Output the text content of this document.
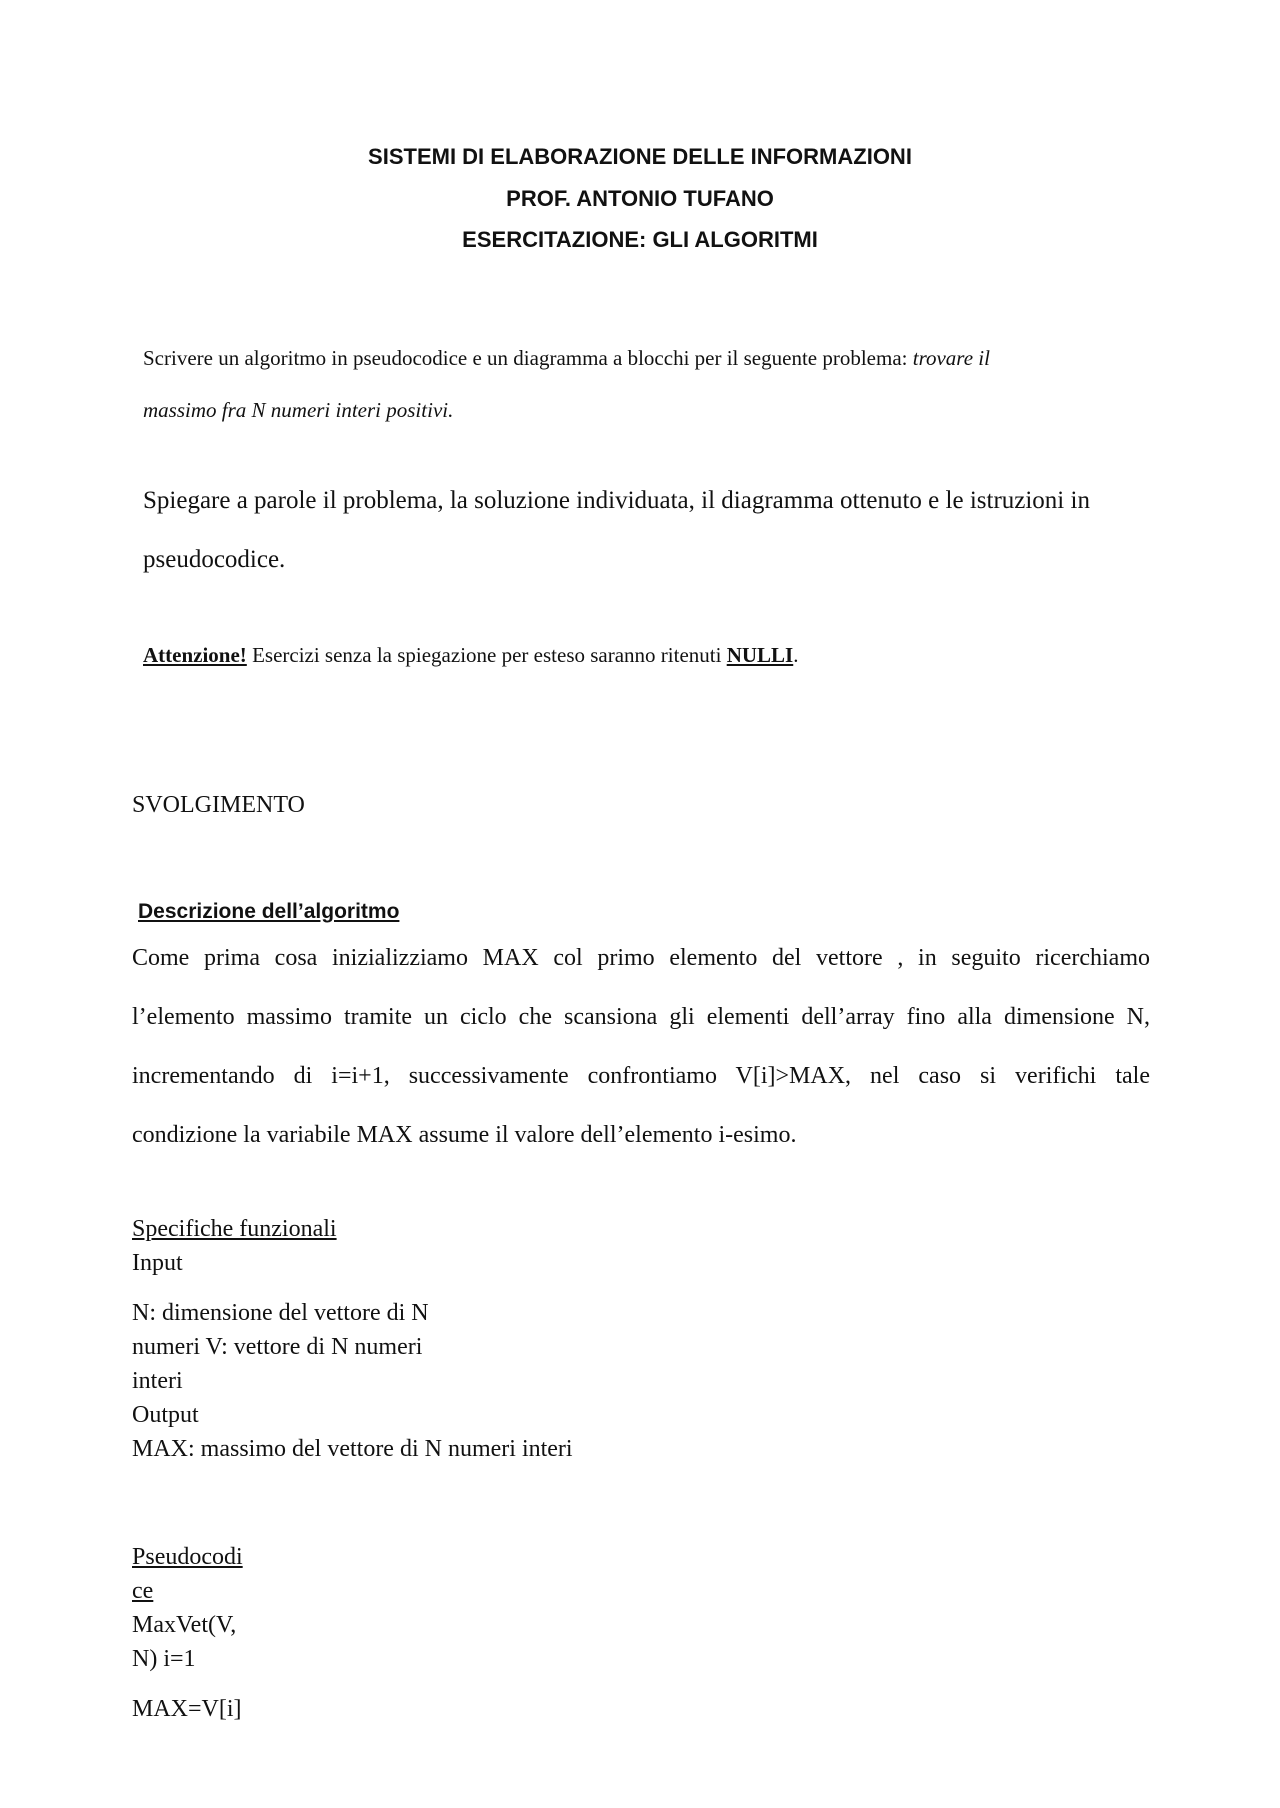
SISTEMI DI ELABORAZIONE DELLE INFORMAZIONI
PROF. ANTONIO TUFANO
ESERCITAZIONE: GLI ALGORITMI
Scrivere un algoritmo in pseudocodice e un diagramma a blocchi per il seguente problema: trovare il
massimo fra N numeri interi positivi.
Spiegare a parole il problema, la soluzione individuata, il diagramma ottenuto e le istruzioni in
pseudocodice.
Attenzione! Esercizi senza la spiegazione per esteso saranno ritenuti NULLI.
SVOLGIMENTO
Descrizione dell’algoritmo
Come prima cosa inizializziamo MAX col primo elemento del vettore , in seguito ricerchiamo
l’elemento massimo tramite un ciclo che scansiona gli elementi dell’array fino alla dimensione N,
incrementando di i=i+1, successivamente confrontiamo V[i]>MAX, nel caso si verifichi tale
condizione la variabile MAX assume il valore dell’elemento i-esimo.
Specifiche funzionali
Input
N: dimensione del vettore di N
numeri V: vettore di N numeri
interi
Output
MAX: massimo del vettore di N numeri interi
Pseudocodi
ce
MaxVet(V,
N) i=1
MAX=V[i]
